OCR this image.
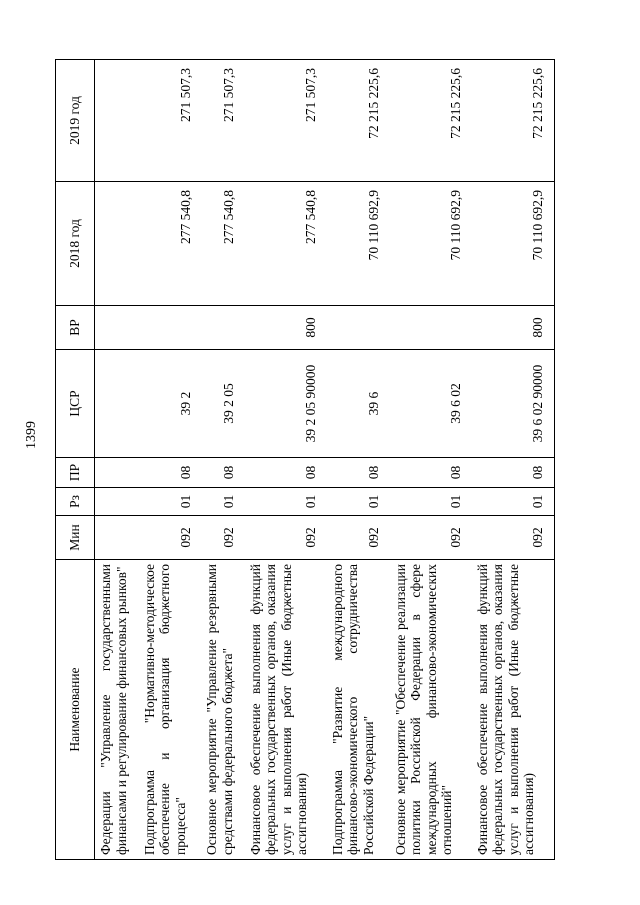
1399
Наименование	Мин	Рз	ПР	ЦСР	ВР	2018 год	2019 год
Федерации "Управление государственными финансами и регулирование финансовых рынков"							
Подпрограмма "Нормативно-методическое обеспечение и организация бюджетного процесса"	092	01	08	39 2		277 540,8	271 507,3
Основное мероприятие "Управление резервными средствами федерального бюджета"	092	01	08	39 2 05		277 540,8	271 507,3
Финансовое обеспечение выполнения функций федеральных государственных органов, оказания услуг и выполнения работ (Иные бюджетные ассигнования)	092	01	08	39 2 05 90000	800	277 540,8	271 507,3
Подпрограмма "Развитие международного финансово-экономического сотрудничества Российской Федерации"	092	01	08	39 6		70 110 692,9	72 215 225,6
Основное мероприятие "Обеспечение реализации политики Российской Федерации в сфере международных финансово-экономических отношений"	092	01	08	39 6 02		70 110 692,9	72 215 225,6
Финансовое обеспечение выполнения функций федеральных государственных органов, оказания услуг и выполнения работ (Иные бюджетные ассигнования)	092	01	08	39 6 02 90000	800	70 110 692,9	72 215 225,6
